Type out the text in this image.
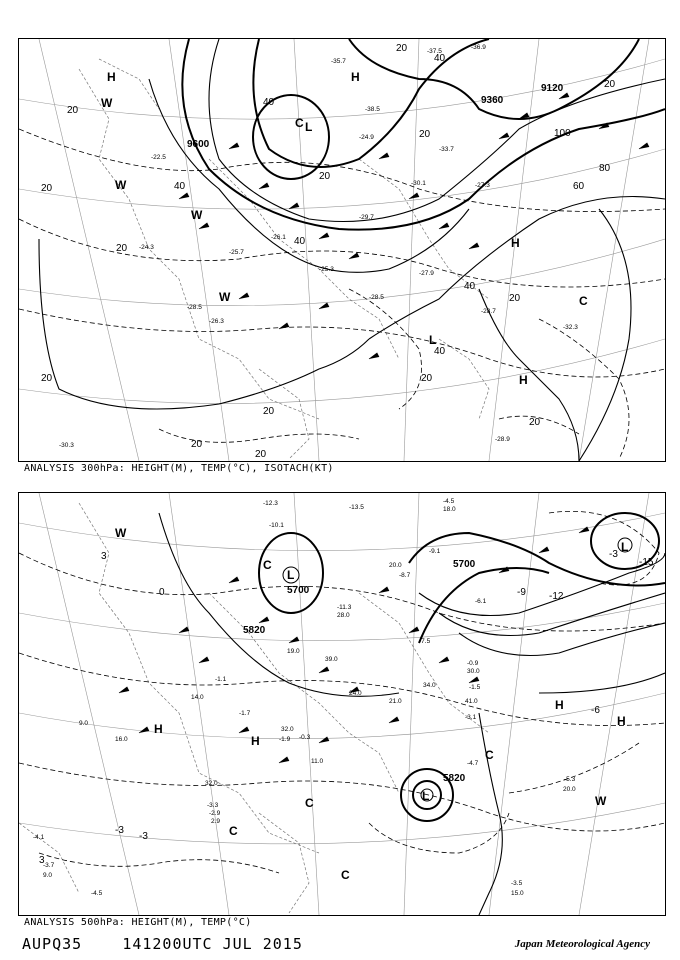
9600
9360
9120
20
20	40
40
40
40
60
80
100
20
20
20
20
20
20
20
20
20
40
20
40
20
20
H	H
L
H
H
L
C
W
W
W
W	C
-35.7
-38.5
-37.5
-36.9
-33.7
-30.1
-29.7
-28.5
-27.9
-26.1
-25.7
-28.7
-32.3
-28.9
-26.3
-24.3
-30.3
-28.5
-22.5
-27.3
-25.3
-24.9
ANALYSIS 300hPa: HEIGHT(M), TEMP(°C), ISOTACH(KT)
5700
5820
5820
5700
3
0
-3
-6
-9 -12
-15
3
-3
-3
L
L
L
H
H
H
H
W
W
C
C
C
C
C
-10.1
-12.3
-11.3
-8.7
-7.5
-4.5
-3.1
-1.5
-0.9
-1.7
-1.9
-4.7
-5.3
-3.5
-4.1
-3.7
-4.5
-3.3
-2.9
-0.3
-1.1
-6.1
-13.5
-9.1
20.0
28.0
32.0
14.0
11.0
30.0
41.0
19.0
20.0
9.0
16.0
9.0
2.9
15.0
24.0
21.0
32.0
34.0
39.0
18.0
ANALYSIS 500hPa: HEIGHT(M), TEMP(°C)
AUPQ35	141200UTC JUL 2015	Japan Meteorological Agency
